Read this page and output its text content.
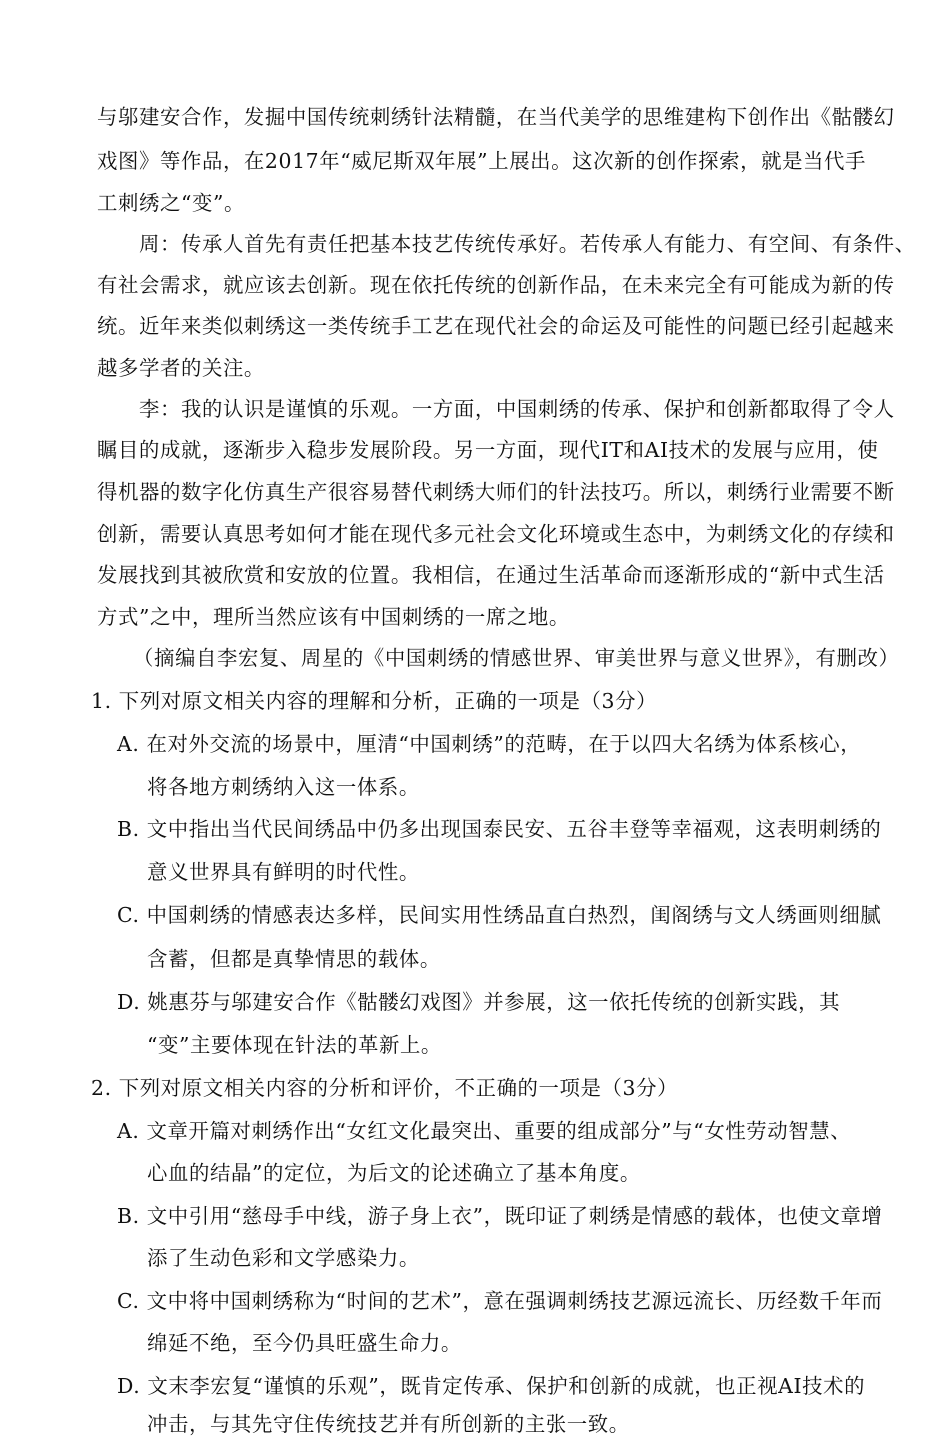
与邬建安合作，发掘中国传统刺绣针法精髓，在当代美学的思维建构下创作出《骷髅幻
戏图》等作品，在2017年“威尼斯双年展”上展出。这次新的创作探索，就是当代手
工刺绣之“变”。
周：传承人首先有责任把基本技艺传统传承好。若传承人有能力、有空间、有条件、
有社会需求，就应该去创新。现在依托传统的创新作品，在未来完全有可能成为新的传
统。近年来类似刺绣这一类传统手工艺在现代社会的命运及可能性的问题已经引起越来
越多学者的关注。
李：我的认识是谨慎的乐观。一方面，中国刺绣的传承、保护和创新都取得了令人
瞩目的成就，逐渐步入稳步发展阶段。另一方面，现代IT和AI技术的发展与应用，使
得机器的数字化仿真生产很容易替代刺绣大师们的针法技巧。所以，刺绣行业需要不断
创新，需要认真思考如何才能在现代多元社会文化环境或生态中，为刺绣文化的存续和
发展找到其被欣赏和安放的位置。我相信，在通过生活革命而逐渐形成的“新中式生活
方式”之中，理所当然应该有中国刺绣的一席之地。
（摘编自李宏复、周星的《中国刺绣的情感世界、审美世界与意义世界》，有删改）
1. 下列对原文相关内容的理解和分析，正确的一项是（3分）
A. 在对外交流的场景中，厘清“中国刺绣”的范畴，在于以四大名绣为体系核心，
将各地方刺绣纳入这一体系。
B. 文中指出当代民间绣品中仍多出现国泰民安、五谷丰登等幸福观，这表明刺绣的
意义世界具有鲜明的时代性。
C. 中国刺绣的情感表达多样，民间实用性绣品直白热烈，闺阁绣与文人绣画则细腻
含蓄，但都是真挚情思的载体。
D. 姚惠芬与邬建安合作《骷髅幻戏图》并参展，这一依托传统的创新实践，其
“变”主要体现在针法的革新上。
2. 下列对原文相关内容的分析和评价，不正确的一项是（3分）
A. 文章开篇对刺绣作出“女红文化最突出、重要的组成部分”与“女性劳动智慧、
心血的结晶”的定位，为后文的论述确立了基本角度。
B. 文中引用“慈母手中线，游子身上衣”，既印证了刺绣是情感的载体，也使文章增
添了生动色彩和文学感染力。
C. 文中将中国刺绣称为“时间的艺术”，意在强调刺绣技艺源远流长、历经数千年而
绵延不绝，至今仍具旺盛生命力。
D. 文末李宏复“谨慎的乐观”，既肯定传承、保护和创新的成就，也正视AI技术的
冲击，与其先守住传统技艺并有所创新的主张一致。
